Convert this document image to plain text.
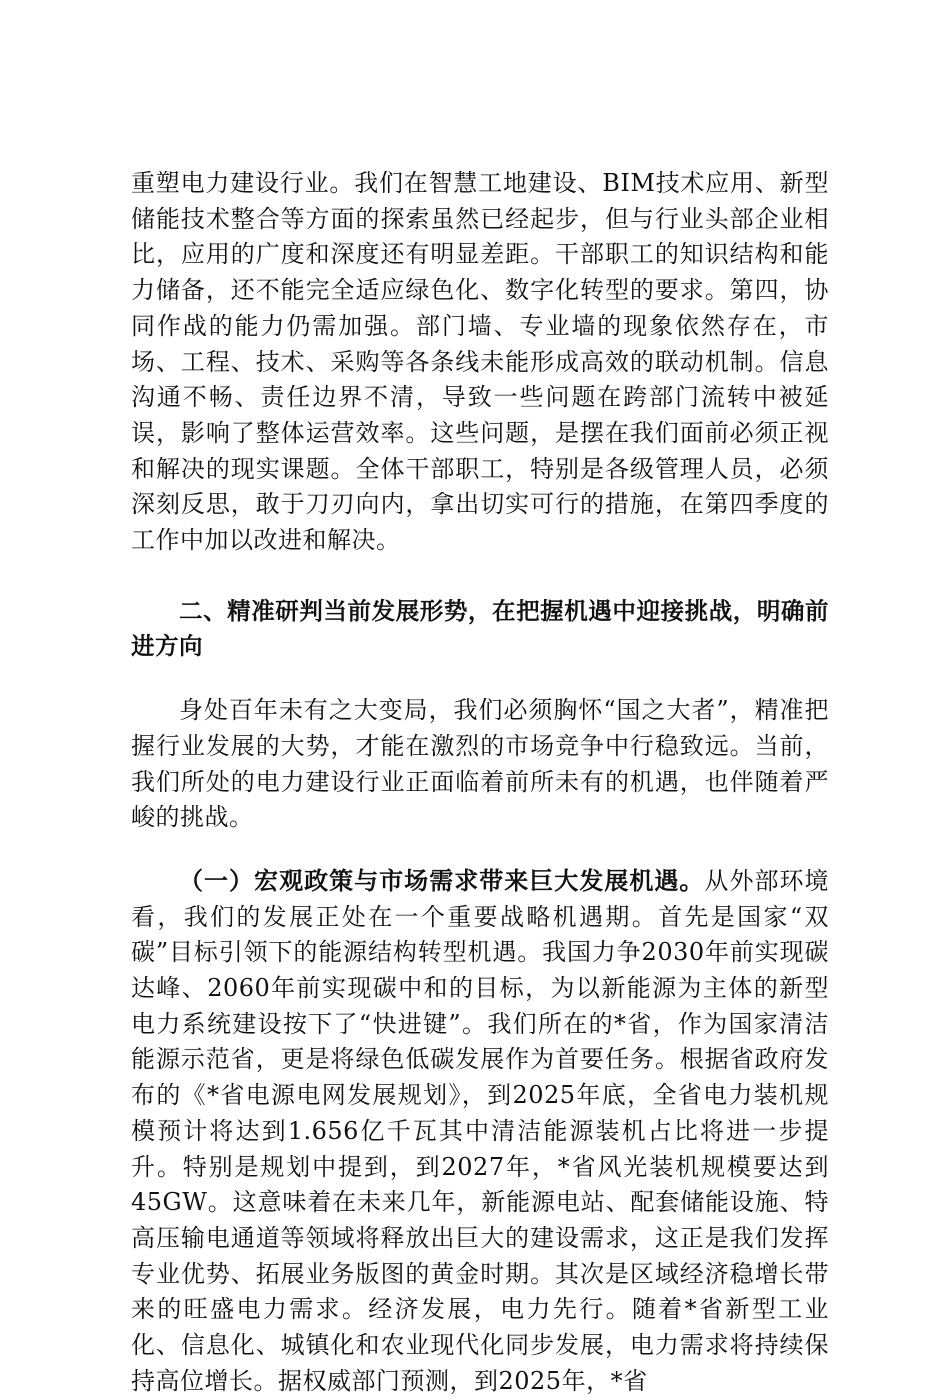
重塑电力建设行业。我们在智慧工地建设、BIM技术应用、新型储能技术整合等方面的探索虽然已经起步，但与行业头部企业相比，应用的广度和深度还有明显差距。干部职工的知识结构和能力储备，还不能完全适应绿色化、数字化转型的要求。第四，协同作战的能力仍需加强。部门墙、专业墙的现象依然存在，市场、工程、技术、采购等各条线未能形成高效的联动机制。信息沟通不畅、责任边界不清，导致一些问题在跨部门流转中被延误，影响了整体运营效率。这些问题，是摆在我们面前必须正视和解决的现实课题。全体干部职工，特别是各级管理人员，必须深刻反思，敢于刀刃向内，拿出切实可行的措施，在第四季度的工作中加以改进和解决。

二、精准研判当前发展形势，在把握机遇中迎接挑战，明确前进方向

身处百年未有之大变局，我们必须胸怀“国之大者”，精准把握行业发展的大势，才能在激烈的市场竞争中行稳致远。当前，我们所处的电力建设行业正面临着前所未有的机遇，也伴随着严峻的挑战。

（一）宏观政策与市场需求带来巨大发展机遇。从外部环境看，我们的发展正处在一个重要战略机遇期。首先是国家“双碳”目标引领下的能源结构转型机遇。我国力争2030年前实现碳达峰、2060年前实现碳中和的目标，为以新能源为主体的新型电力系统建设按下了“快进键”。我们所在的*省，作为国家清洁能源示范省，更是将绿色低碳发展作为首要任务。根据省政府发布的《*省电源电网发展规划》，到2025年底，全省电力装机规模预计将达到1.656亿千瓦其中清洁能源装机占比将进一步提升。特别是规划中提到，到2027年，*省风光装机规模要达到45GW。这意味着在未来几年，新能源电站、配套储能设施、特高压输电通道等领域将释放出巨大的建设需求，这正是我们发挥专业优势、拓展业务版图的黄金时期。其次是区域经济稳增长带来的旺盛电力需求。经济发展，电力先行。随着*省新型工业化、信息化、城镇化和农业现代化同步发展，电力需求将持续保持高位增长。据权威部门预测，到2025年，*省
